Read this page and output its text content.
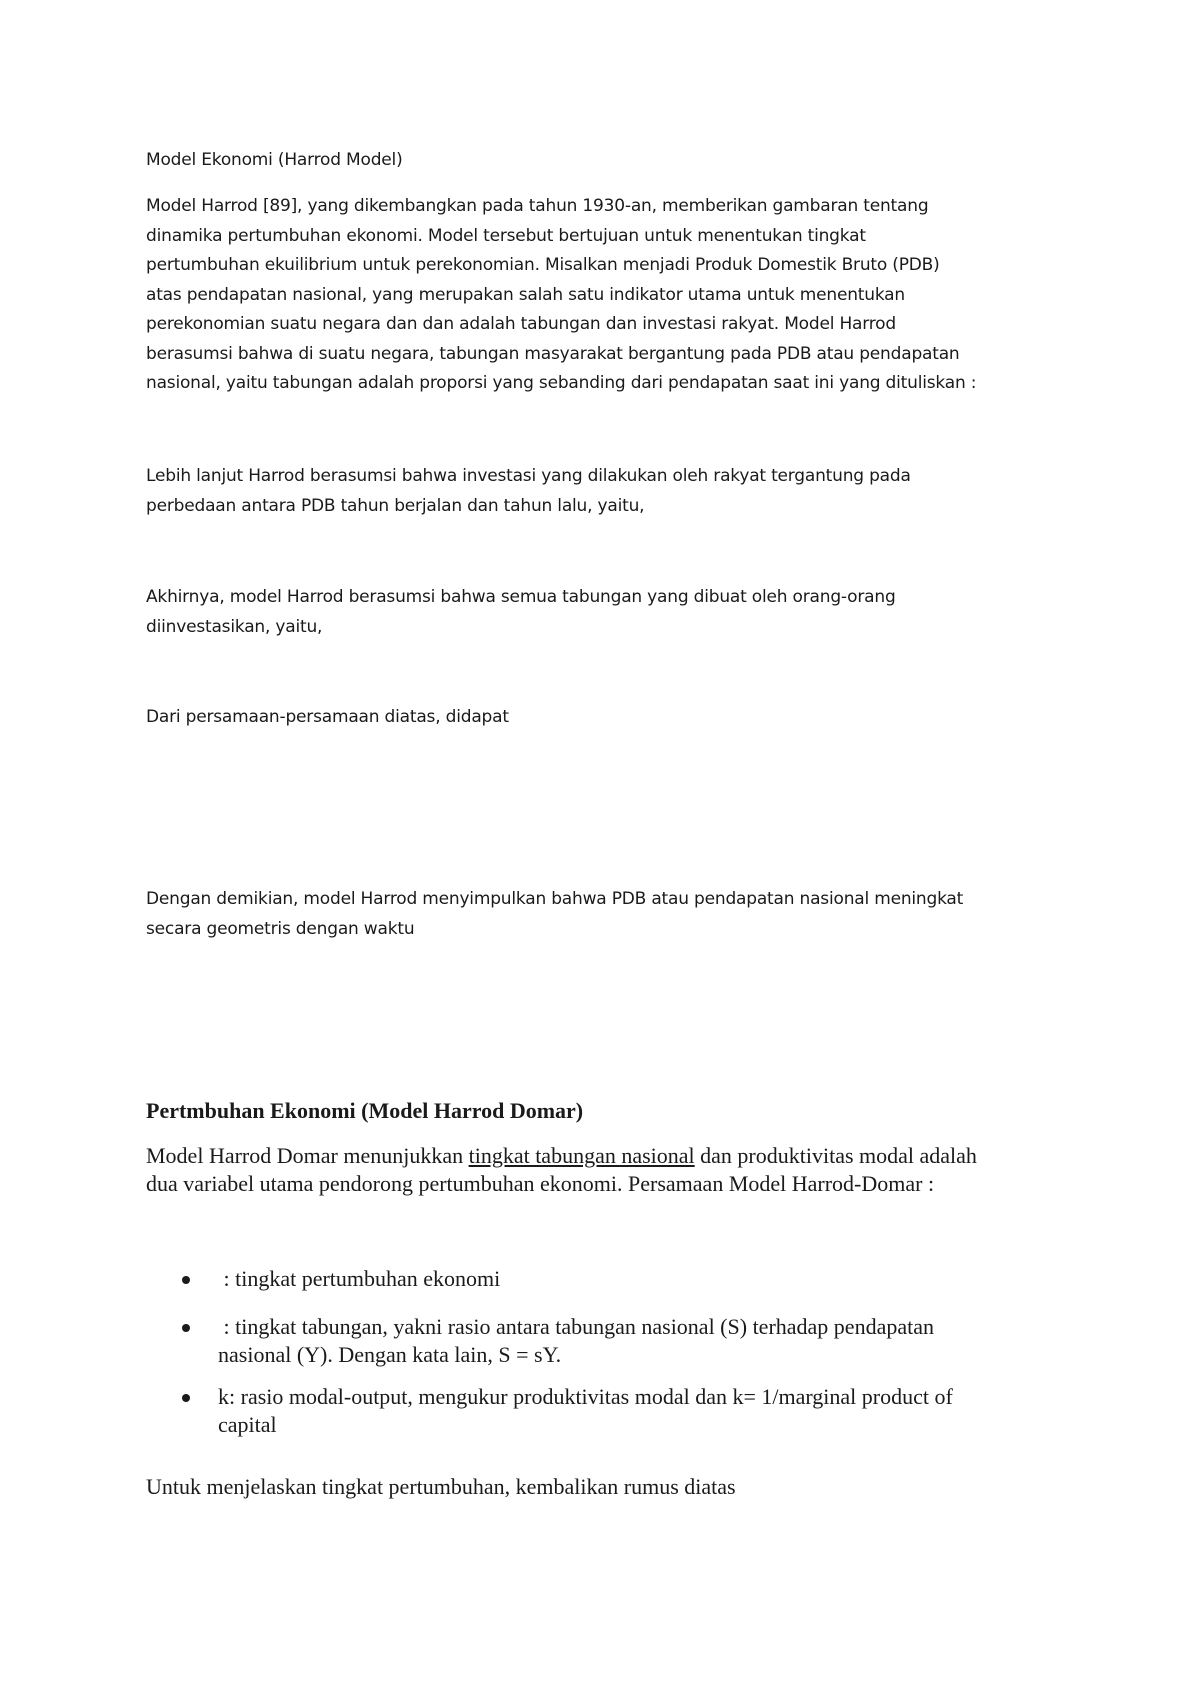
Model Ekonomi (Harrod Model)
Model Harrod [89], yang dikembangkan pada tahun 1930-an, memberikan gambaran tentang
dinamika pertumbuhan ekonomi. Model tersebut bertujuan untuk menentukan tingkat
pertumbuhan ekuilibrium untuk perekonomian. Misalkan menjadi Produk Domestik Bruto (PDB)
atas pendapatan nasional, yang merupakan salah satu indikator utama untuk menentukan
perekonomian suatu negara dan dan adalah tabungan dan investasi rakyat. Model Harrod
berasumsi bahwa di suatu negara, tabungan masyarakat bergantung pada PDB atau pendapatan
nasional, yaitu tabungan adalah proporsi yang sebanding dari pendapatan saat ini yang dituliskan :
Lebih lanjut Harrod berasumsi bahwa investasi yang dilakukan oleh rakyat tergantung pada
perbedaan antara PDB tahun berjalan dan tahun lalu, yaitu,
Akhirnya, model Harrod berasumsi bahwa semua tabungan yang dibuat oleh orang-orang
diinvestasikan, yaitu,
Dari persamaan-persamaan diatas, didapat
Dengan demikian, model Harrod menyimpulkan bahwa PDB atau pendapatan nasional meningkat
secara geometris dengan waktu
Pertmbuhan Ekonomi (Model Harrod Domar)
Model Harrod Domar menunjukkan tingkat tabungan nasional dan produktivitas modal adalah
dua variabel utama pendorong pertumbuhan ekonomi. Persamaan Model Harrod-Domar :
: tingkat pertumbuhan ekonomi
: tingkat tabungan, yakni rasio antara tabungan nasional (S) terhadap pendapatan
nasional (Y). Dengan kata lain, S = sY.
k: rasio modal-output, mengukur produktivitas modal dan k= 1/marginal product of
capital
Untuk menjelaskan tingkat pertumbuhan, kembalikan rumus diatas
